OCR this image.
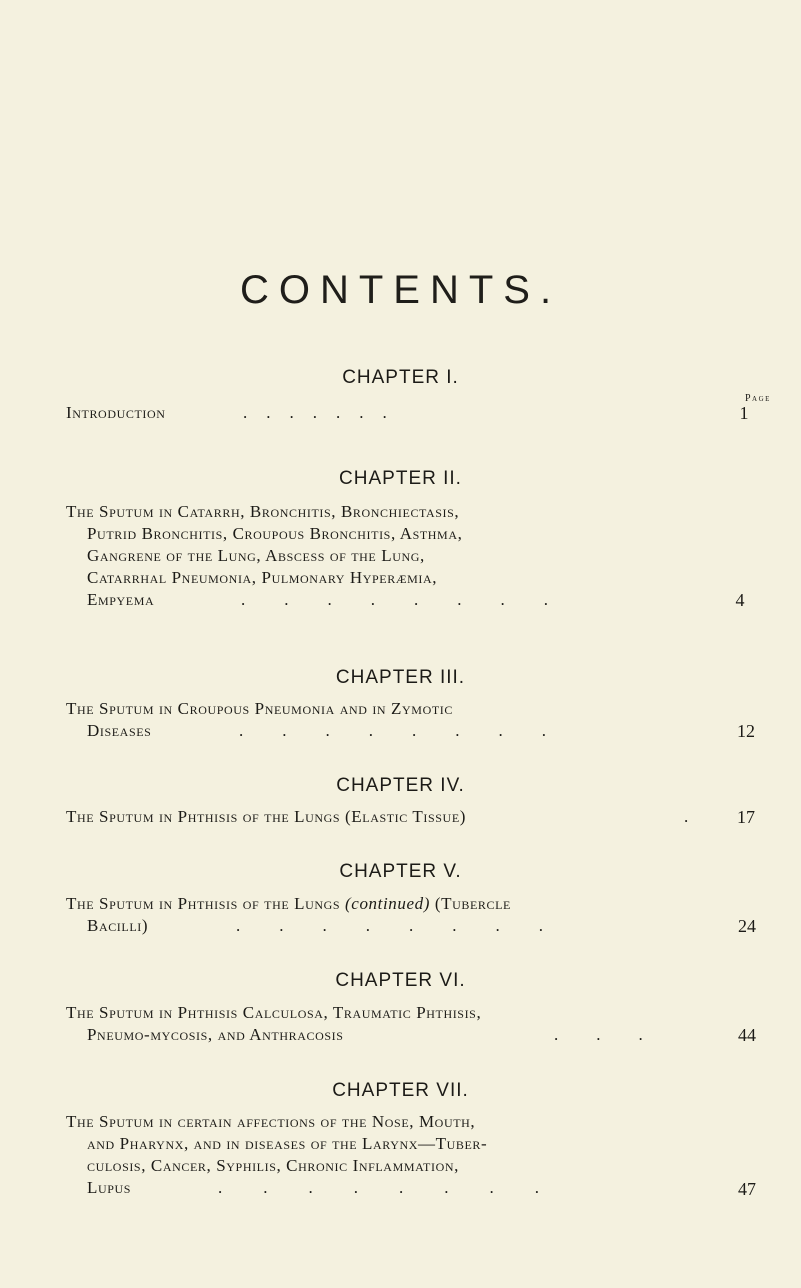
CONTENTS.
CHAPTER I.
Page
Introduction	.......	1
CHAPTER II.
The Sputum in Catarrh, Bronchitis, Bronchiectasis,
Putrid Bronchitis, Croupous Bronchitis, Asthma,
Gangrene of the Lung, Abscess of the Lung,
Catarrhal Pneumonia, Pulmonary Hyperæmia,
Empyema	........	4
CHAPTER III.
The Sputum in Croupous Pneumonia and in Zymotic
Diseases	........	12
CHAPTER IV.
The Sputum in Phthisis of the Lungs (Elastic Tissue)	.	17
CHAPTER V.
The Sputum in Phthisis of the Lungs (continued) (Tubercle
Bacilli)	........	24
CHAPTER VI.
The Sputum in Phthisis Calculosa, Traumatic Phthisis,
Pneumo-mycosis, and Anthracosis	...	44
CHAPTER VII.
The Sputum in certain affections of the Nose, Mouth,
and Pharynx, and in diseases of the Larynx—Tuber-
culosis, Cancer, Syphilis, Chronic Inflammation,
Lupus	........	47
